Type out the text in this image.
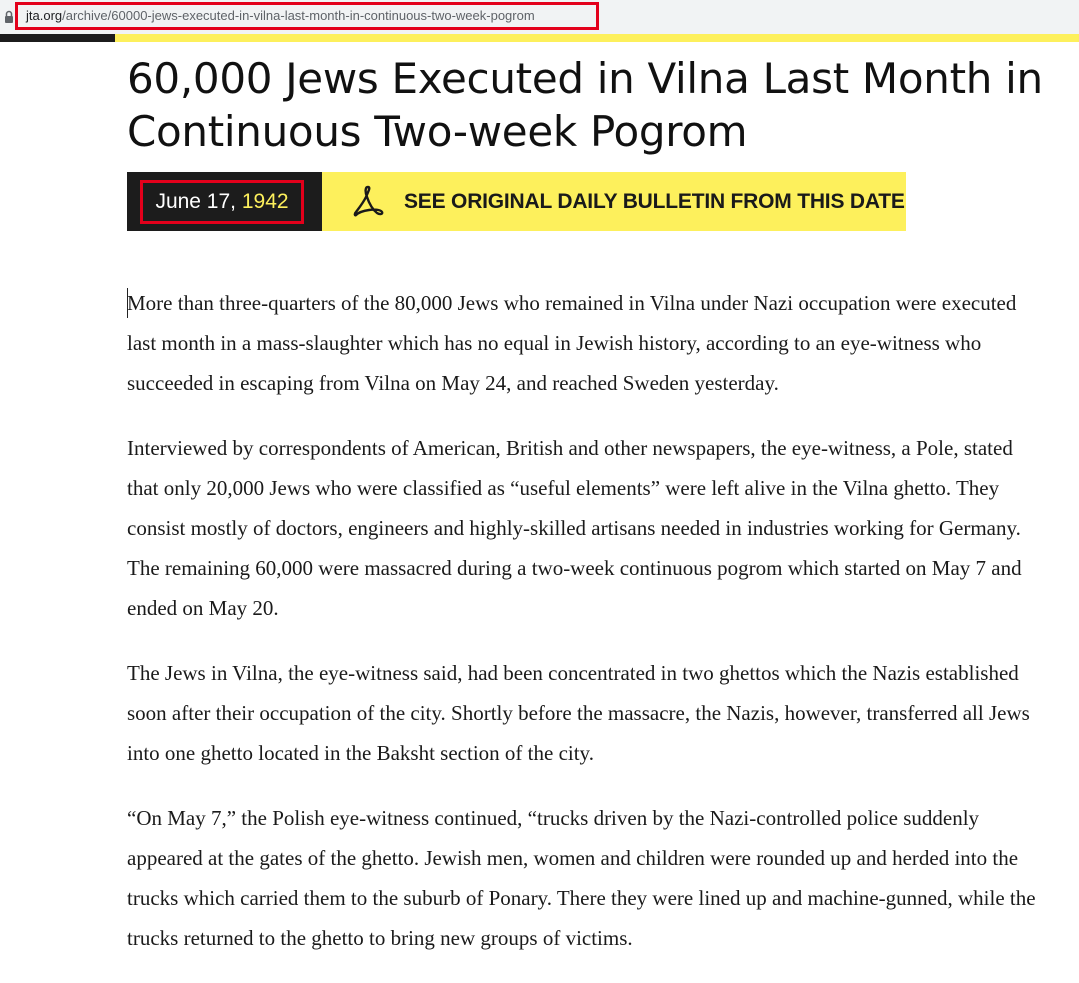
jta.org/archive/60000-jews-executed-in-vilna-last-month-in-continuous-two-week-pogrom
60,000 Jews Executed in Vilna Last Month in Continuous Two-week Pogrom
June 17, 1942	SEE ORIGINAL DAILY BULLETIN FROM THIS DATE

More than three-quarters of the 80,000 Jews who remained in Vilna under Nazi occupation were executed last month in a mass-slaughter which has no equal in Jewish history, according to an eye-witness who succeeded in escaping from Vilna on May 24, and reached Sweden yesterday.

Interviewed by correspondents of American, British and other newspapers, the eye-witness, a Pole, stated that only 20,000 Jews who were classified as “useful elements” were left alive in the Vilna ghetto. They consist mostly of doctors, engineers and highly-skilled artisans needed in industries working for Germany. The remaining 60,000 were massacred during a two-week continuous pogrom which started on May 7 and ended on May 20.

The Jews in Vilna, the eye-witness said, had been concentrated in two ghettos which the Nazis established soon after their occupation of the city. Shortly before the massacre, the Nazis, however, transferred all Jews into one ghetto located in the Baksht section of the city.

“On May 7,” the Polish eye-witness continued, “trucks driven by the Nazi-controlled police suddenly appeared at the gates of the ghetto. Jewish men, women and children were rounded up and herded into the trucks which carried them to the suburb of Ponary. There they were lined up and machine-gunned, while the trucks returned to the ghetto to bring new groups of victims.
